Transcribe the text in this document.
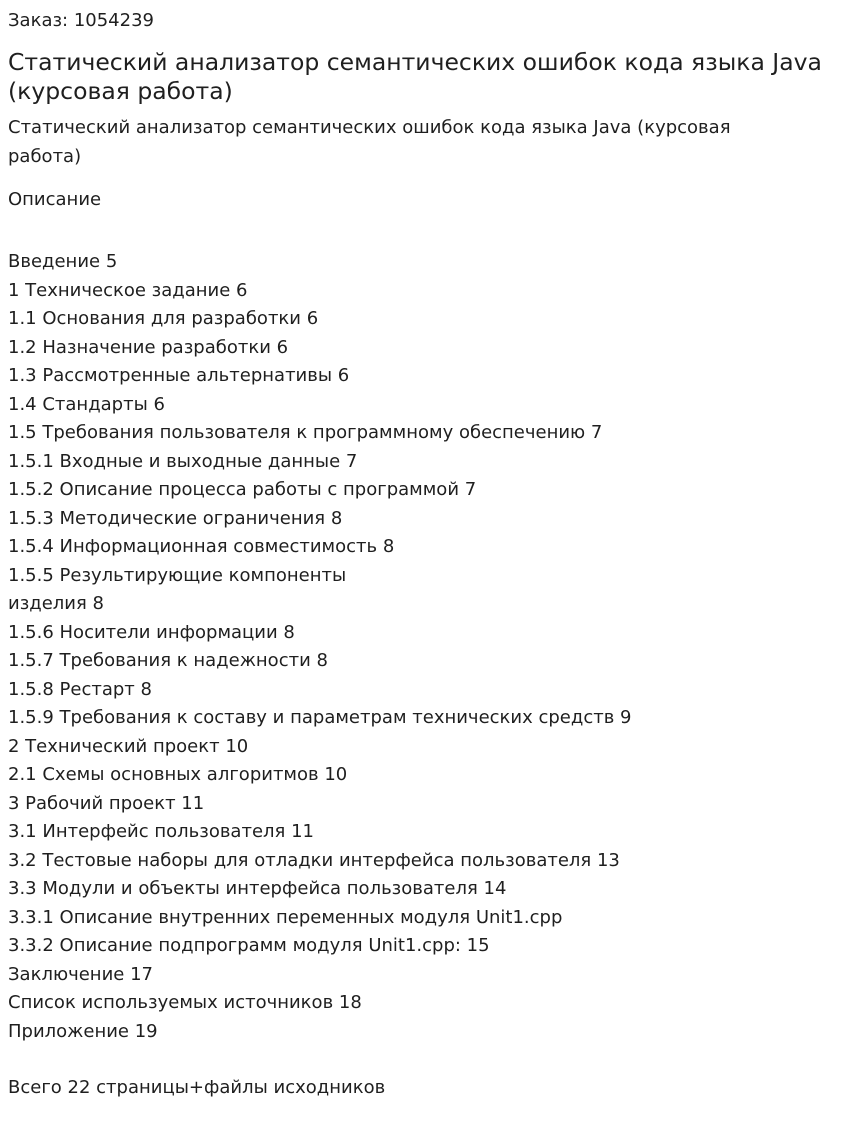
Заказ: 1054239
Статический анализатор семантических ошибок кода языка Java (курсовая работа)
Статический анализатор семантических ошибок кода языка Java (курсовая работа)
Описание
Введение 5
1 Техническое задание 6
1.1 Основания для разработки 6
1.2 Назначение разработки 6
1.3 Рассмотренные альтернативы 6
1.4 Стандарты 6
1.5 Требования пользователя к программному обеспечению 7
1.5.1 Входные и выходные данные 7
1.5.2 Описание процесса работы с программой 7
1.5.3 Методические ограничения 8
1.5.4 Информационная совместимость 8
1.5.5 Результирующие компоненты
изделия 8
1.5.6 Носители информации 8
1.5.7 Требования к надежности 8
1.5.8 Рестарт 8
1.5.9 Требования к составу и параметрам технических средств 9
2 Технический проект 10
2.1 Схемы основных алгоритмов 10
3 Рабочий проект 11
3.1 Интерфейс пользователя 11
3.2 Тестовые наборы для отладки интерфейса пользователя 13
3.3 Модули и объекты интерфейса пользователя 14
3.3.1 Описание внутренних переменных модуля Unit1.cpp
3.3.2 Описание подпрограмм модуля Unit1.cpp: 15
Заключение 17
Список используемых источников 18
Приложение 19
Всего 22 страницы+файлы исходников
